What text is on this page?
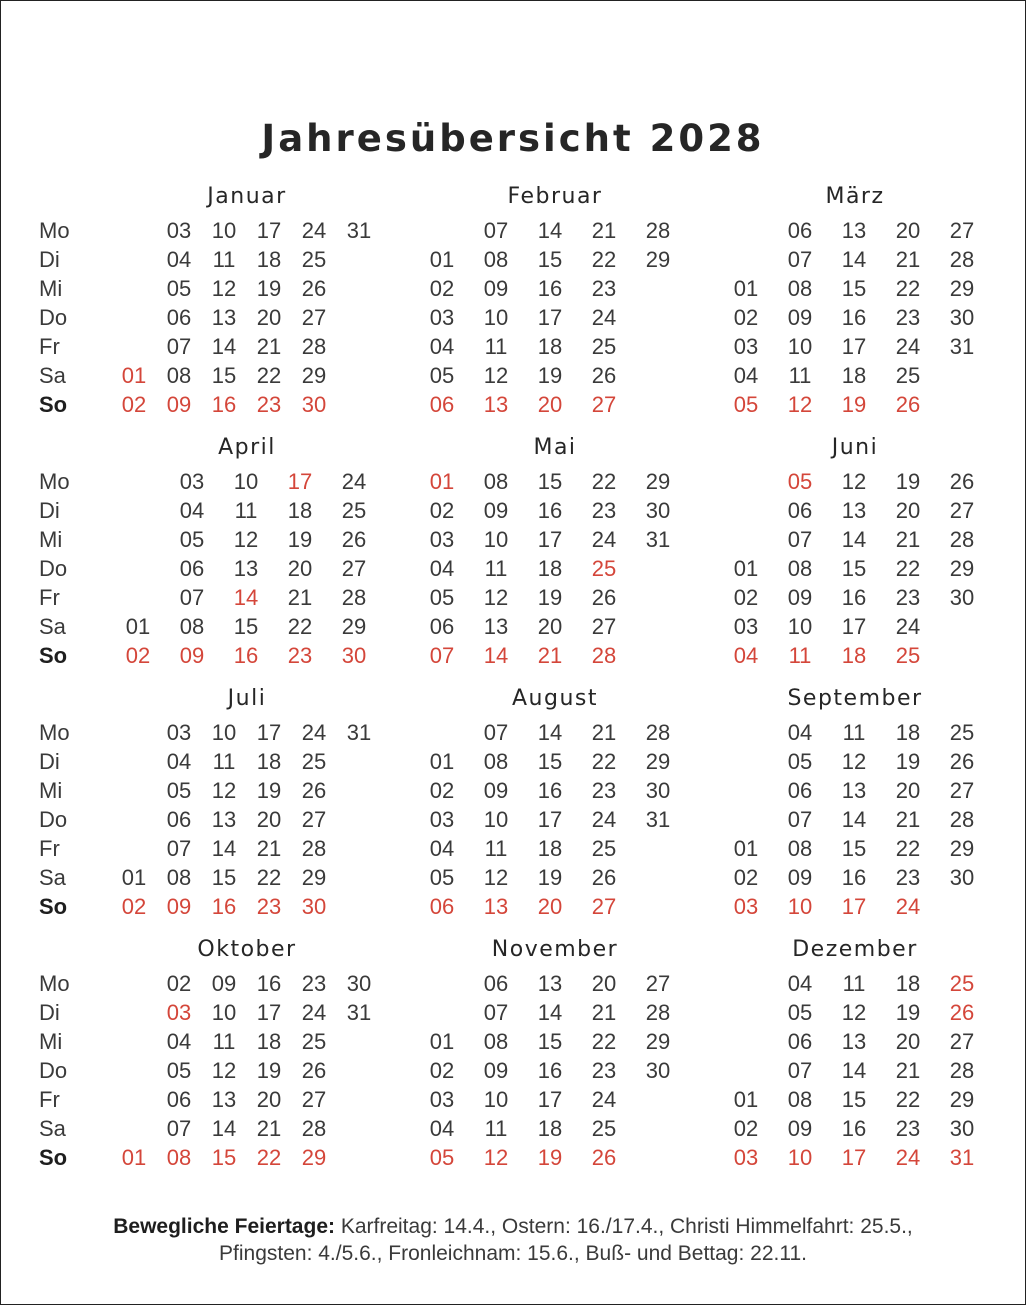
Jahresübersicht 2028
Januar
Mo
Di
Mi
Do
Fr
Sa
So
01
02
03
04
05
06
07
08
09
10
11
12
13
14
15
16
17
18
19
20
21
22
23
24
25
26
27
28
29
30
31
Februar
01
02
03
04
05
06
07
08
09
10
11
12
13
14
15
16
17
18
19
20
21
22
23
24
25
26
27
28
29
März
01
02
03
04
05
06
07
08
09
10
11
12
13
14
15
16
17
18
19
20
21
22
23
24
25
26
27
28
29
30
31
April
Mo
Di
Mi
Do
Fr
Sa
So
01
02
03
04
05
06
07
08
09
10
11
12
13
14
15
16
17
18
19
20
21
22
23
24
25
26
27
28
29
30
Mai
01
02
03
04
05
06
07
08
09
10
11
12
13
14
15
16
17
18
19
20
21
22
23
24
25
26
27
28
29
30
31
Juni
01
02
03
04
05
06
07
08
09
10
11
12
13
14
15
16
17
18
19
20
21
22
23
24
25
26
27
28
29
30
Juli
Mo
Di
Mi
Do
Fr
Sa
So
01
02
03
04
05
06
07
08
09
10
11
12
13
14
15
16
17
18
19
20
21
22
23
24
25
26
27
28
29
30
31
August
01
02
03
04
05
06
07
08
09
10
11
12
13
14
15
16
17
18
19
20
21
22
23
24
25
26
27
28
29
30
31
September
01
02
03
04
05
06
07
08
09
10
11
12
13
14
15
16
17
18
19
20
21
22
23
24
25
26
27
28
29
30
Oktober
Mo
Di
Mi
Do
Fr
Sa
So 01
02
03
04
05
06
07
08
09
10
11
12
13
14
15
16
17
18
19
20
21
22
23
24
25
26
27
28
29
30
31
November
01
02
03
04
05
06
07
08
09
10
11
12
13
14
15
16
17
18
19
20
21
22
23
24
25
26
27
28
29
30
Dezember
01
02
03
04
05
06
07
08
09
10
11
12
13
14
15
16
17
18
19
20
21
22
23
24
25
26
27
28
29
30
31
Bewegliche Feiertage: Karfreitag: 14.4., Ostern: 16./17.4., Christi Himmelfahrt: 25.5.,
Pfingsten: 4./5.6., Fronleichnam: 15.6., Buß- und Bettag: 22.11.
